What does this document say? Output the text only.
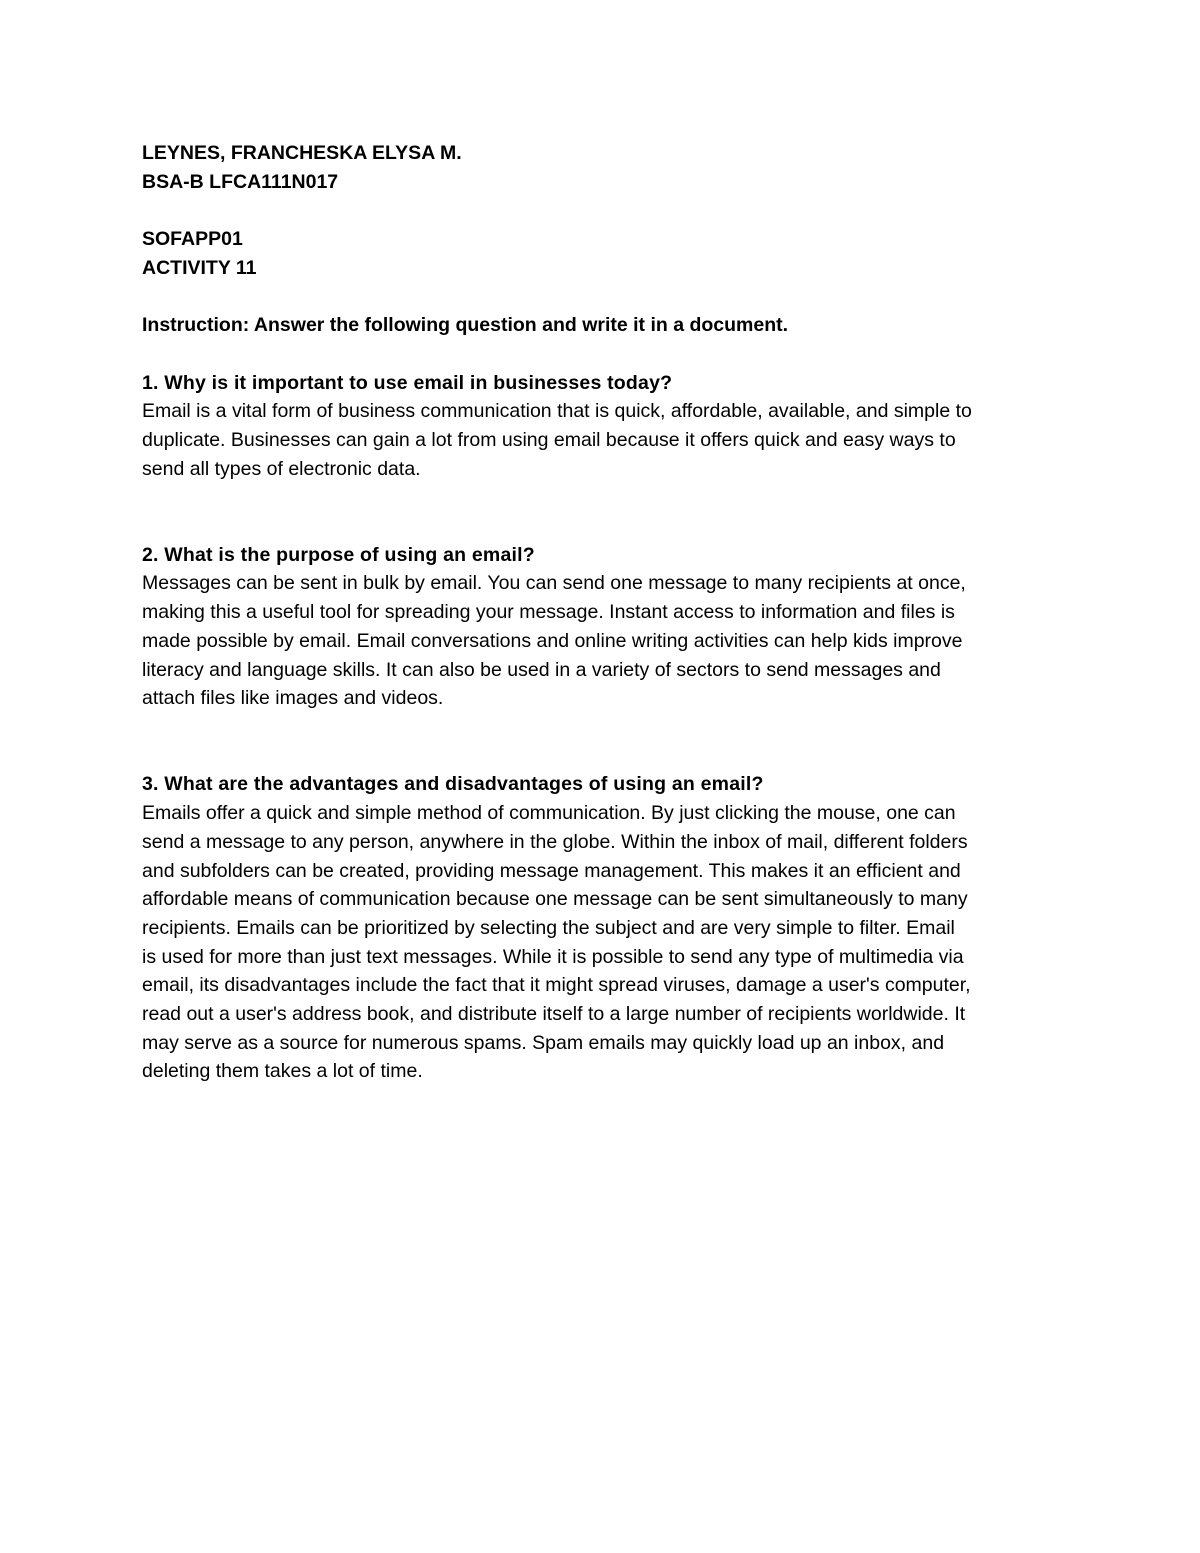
LEYNES, FRANCHESKA ELYSA M.

BSA-B LFCA111N017

SOFAPP01

ACTIVITY 11

Instruction: Answer the following question and write it in a document.

1. Why is it important to use email in businesses today?

Email is a vital form of business communication that is quick, affordable, available, and simple to

duplicate. Businesses can gain a lot from using email because it offers quick and easy ways to

send all types of electronic data.

2. What is the purpose of using an email?

Messages can be sent in bulk by email. You can send one message to many recipients at once,

making this a useful tool for spreading your message. Instant access to information and files is

made possible by email. Email conversations and online writing activities can help kids improve

literacy and language skills. It can also be used in a variety of sectors to send messages and

attach files like images and videos.

3. What are the advantages and disadvantages of using an email?

Emails offer a quick and simple method of communication. By just clicking the mouse, one can

send a message to any person, anywhere in the globe. Within the inbox of mail, different folders

and subfolders can be created, providing message management. This makes it an efficient and

affordable means of communication because one message can be sent simultaneously to many

recipients. Emails can be prioritized by selecting the subject and are very simple to filter. Email

is used for more than just text messages. While it is possible to send any type of multimedia via

email, its disadvantages include the fact that it might spread viruses, damage a user's computer,

read out a user's address book, and distribute itself to a large number of recipients worldwide. It

may serve as a source for numerous spams. Spam emails may quickly load up an inbox, and

deleting them takes a lot of time.
